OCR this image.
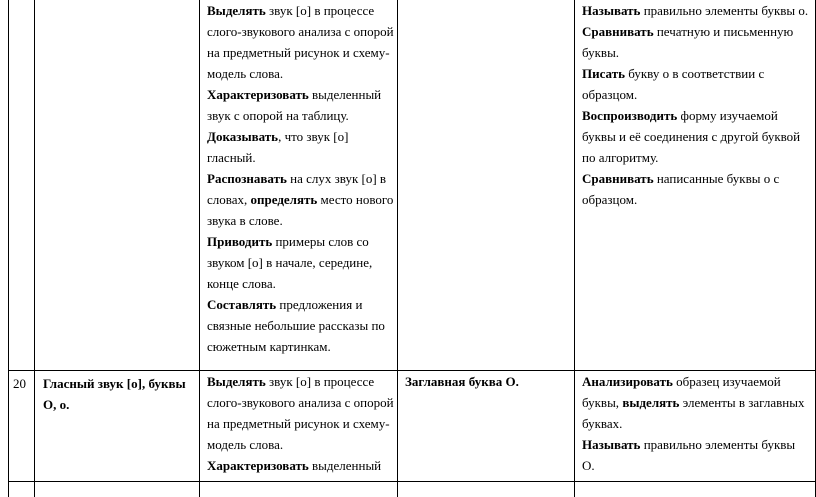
Выделять звук [о] в процессе слого-звукового анализа с опорой на предметный рисунок и схему-модель слова.

Характеризовать выделенный звук с опорой на таблицу.

Доказывать, что звук [о] гласный.

Распознавать на слух звук [о] в словах, определять место нового звука в слове.

Приводить примеры слов со звуком [о] в начале, середине, конце слова.

Составлять предложения и связные небольшие рассказы по сюжетным картинкам.

Называть правильно элементы буквы о.

Сравнивать печатную и письменную буквы.

Писать букву о в соответствии с образцом.

Воспроизводить форму изучаемой буквы и её соединения с другой буквой по алгоритму.

Сравнивать написанные буквы о с образцом.

20	Гласный звук [о], буквы О, о.

Выделять звук [о] в процессе слого-звукового анализа с опорой на предметный рисунок и схему-модель слова.

Характеризовать выделенный

Заглавная буква О.	Анализировать образец изучаемой буквы, выделять элементы в заглавных буквах.

Называть правильно элементы буквы О.
